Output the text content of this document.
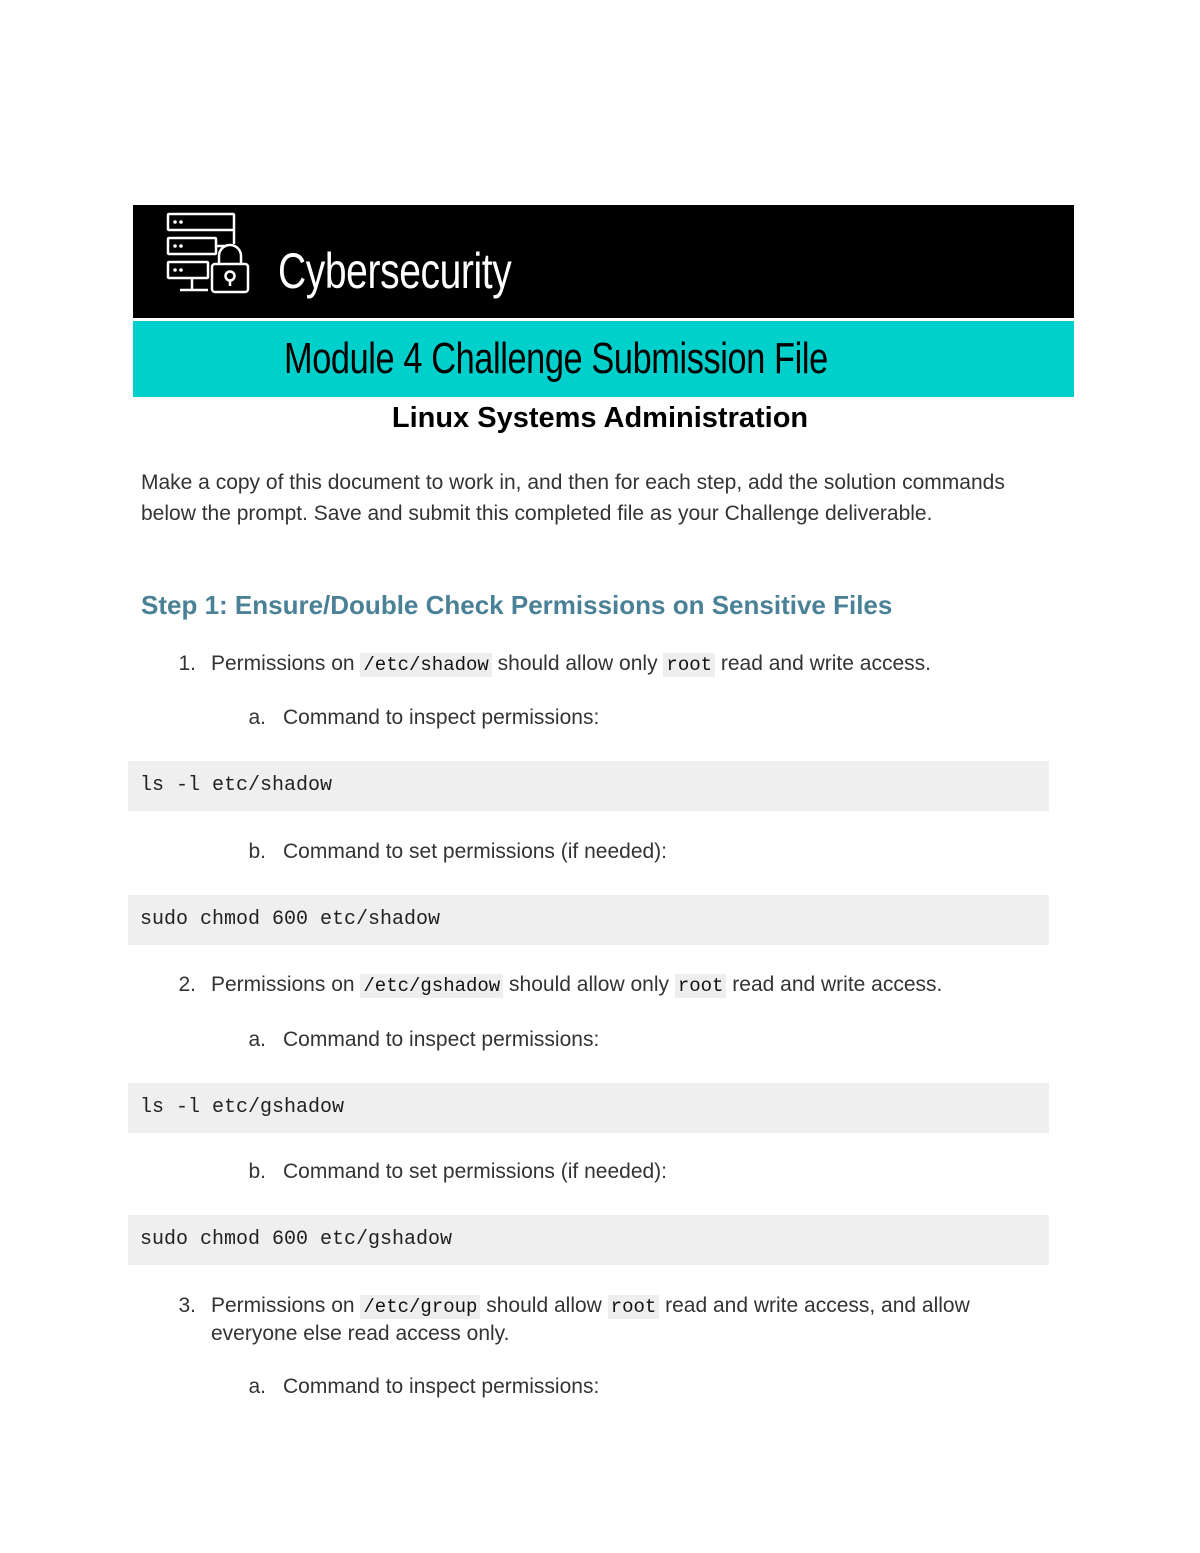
Cybersecurity
Module 4 Challenge Submission File
Linux Systems Administration

Make a copy of this document to work in, and then for each step, add the solution commands below the prompt. Save and submit this completed file as your Challenge deliverable.

Step 1: Ensure/Double Check Permissions on Sensitive Files
1. Permissions on /etc/shadow should allow only root read and write access.
a. Command to inspect permissions:
ls -l etc/shadow
b. Command to set permissions (if needed):
sudo chmod 600 etc/shadow
2. Permissions on /etc/gshadow should allow only root read and write access.
a. Command to inspect permissions:
ls -l etc/gshadow
b. Command to set permissions (if needed):
sudo chmod 600 etc/gshadow
3. Permissions on /etc/group should allow root read and write access, and allow
everyone else read access only.
a. Command to inspect permissions:
